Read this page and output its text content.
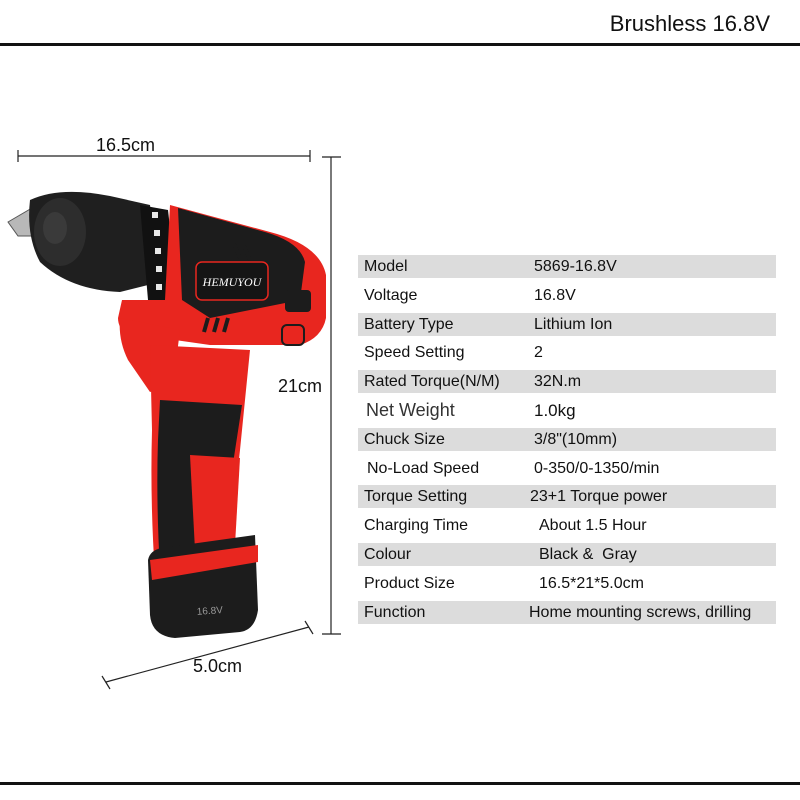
Brushless 16.8V
HEMUYOU
16.8V
16.5cm
21cm
5.0cm
Model	5869-16.8V
Voltage	16.8V
Battery Type	Lithium Ion
Speed Setting	2
Rated Torque(N/M) 32N.m
Net Weight	1.0kg
Chuck Size	3/8"(10mm)
No-Load Speed	0-350/0-1350/min
Torque Setting	23+1 Torque power
Charging Time	About 1.5 Hour
Colour	Black &  Gray
Product Size	16.5*21*5.0cm
Function	Home mounting screws, drilling
